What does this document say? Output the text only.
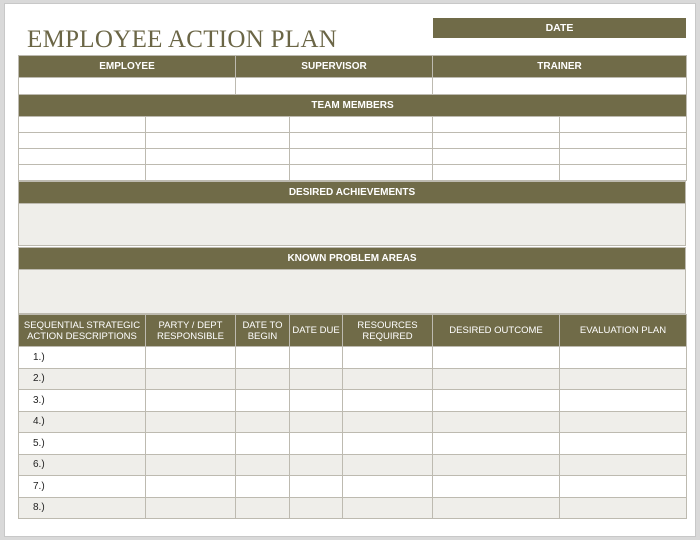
EMPLOYEE ACTION PLAN	DATE
EMPLOYEE	SUPERVISOR	TRAINER

TEAM MEMBERS				

DESIRED ACHIEVEMENTS

KNOWN PROBLEM AREAS

SEQUENTIAL STRATEGIC ACTION DESCRIPTIONS	PARTY / DEPT RESPONSIBLE	DATE TO BEGIN	DATE DUE	RESOURCES REQUIRED	DESIRED OUTCOME	EVALUATION PLAN
1.)						
2.)						
3.)						
4.)						
5.)						
6.)						
7.)						
8.)						
